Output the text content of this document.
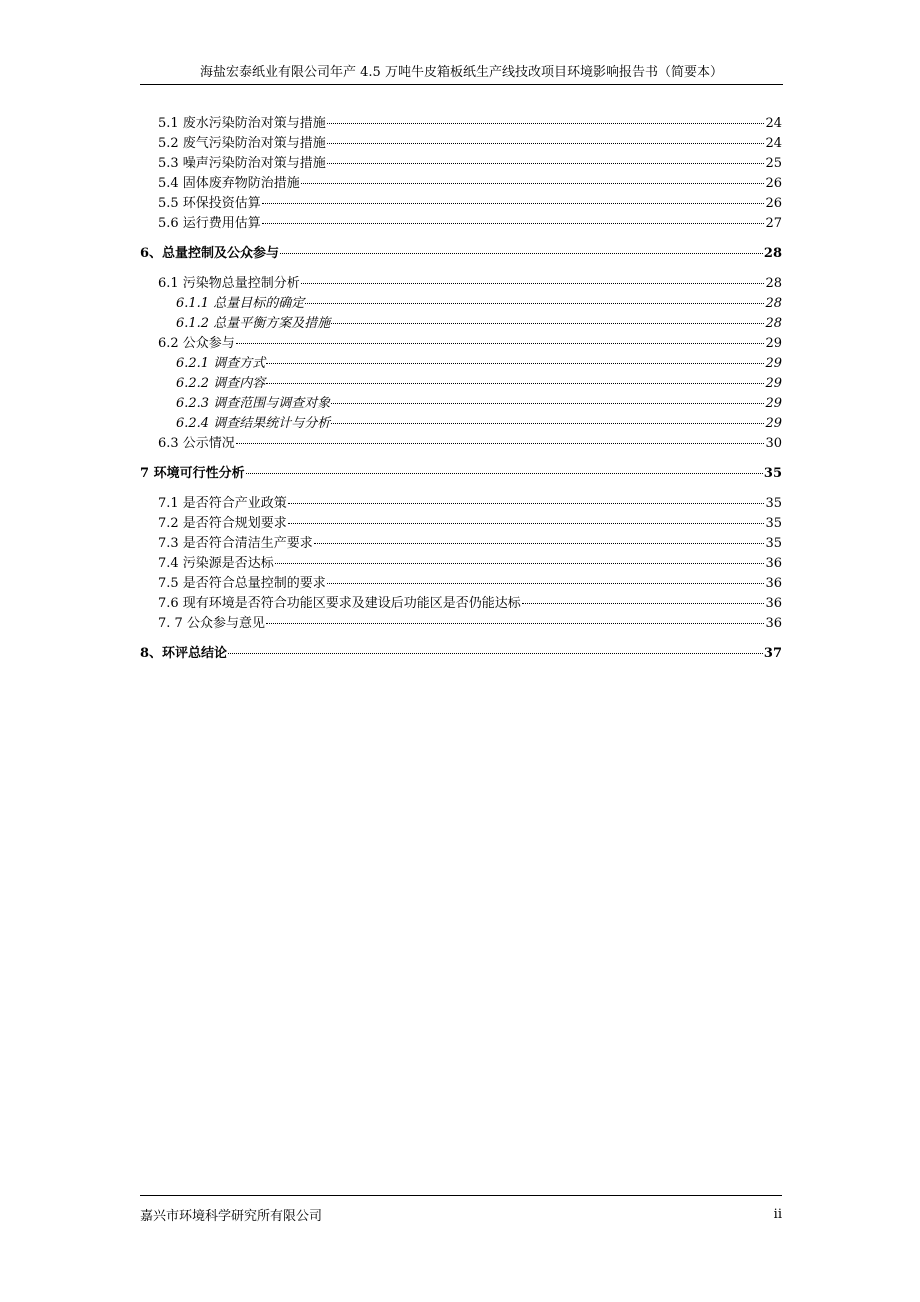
海盐宏泰纸业有限公司年产 4.5 万吨牛皮箱板纸生产线技改项目环境影响报告书（简要本）
5.1 废水污染防治对策与措施	24
5.2 废气污染防治对策与措施	24
5.3 噪声污染防治对策与措施	25
5.4 固体废弃物防治措施	26
5.5 环保投资估算	26
5.6 运行费用估算	27
6、总量控制及公众参与	28
6.1 污染物总量控制分析	28
6.1.1 总量目标的确定	28
6.1.2 总量平衡方案及措施	28
6.2 公众参与	29
6.2.1 调查方式	29
6.2.2 调查内容	29
6.2.3 调查范围与调查对象	29
6.2.4 调查结果统计与分析	29
6.3 公示情况	30
7 环境可行性分析	35
7.1 是否符合产业政策	35
7.2 是否符合规划要求	35
7.3 是否符合清洁生产要求	35
7.4 污染源是否达标	36
7.5 是否符合总量控制的要求	36
7.6 现有环境是否符合功能区要求及建设后功能区是否仍能达标	36
7. 7 公众参与意见	36
8、环评总结论	37
嘉兴市环境科学研究所有限公司	ii
